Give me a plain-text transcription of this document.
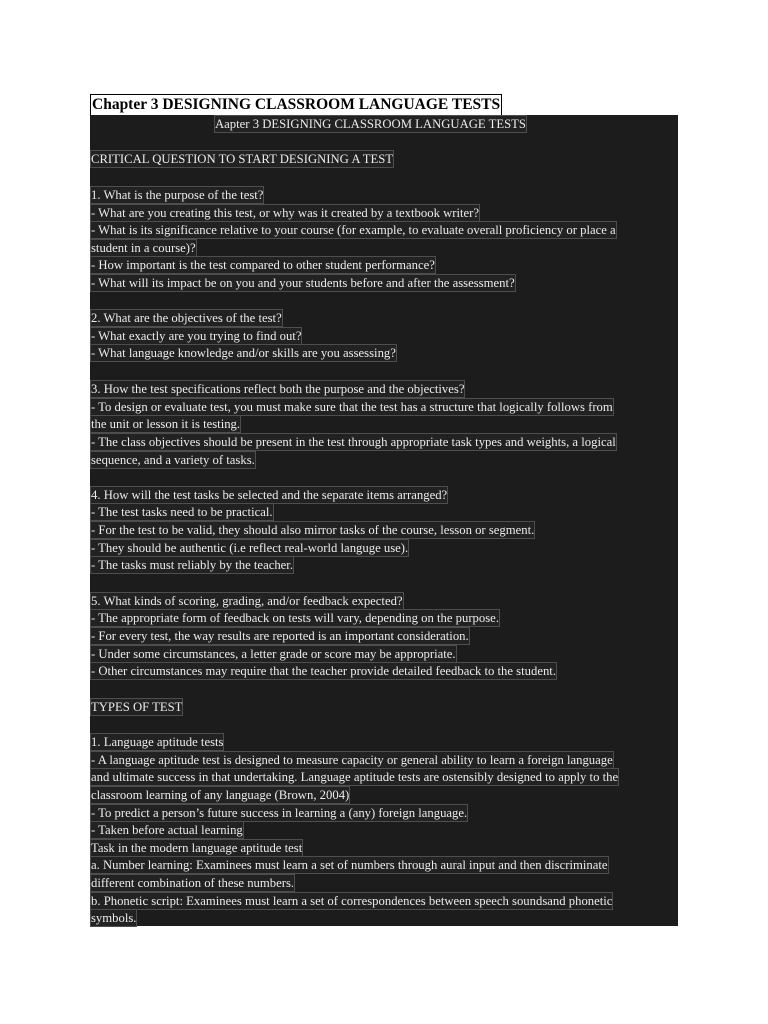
Chapter 3 DESIGNING CLASSROOM LANGUAGE TESTS
Aapter 3 DESIGNING CLASSROOM LANGUAGE TESTS
CRITICAL QUESTION TO START DESIGNING A TEST
1. What is the purpose of the test?
- What are you creating this test, or why was it created by a textbook writer?
- What is its significance relative to your course (for example, to evaluate overall proficiency or place a
student in a course)?
- How important is the test compared to other student performance?
- What will its impact be on you and your students before and after the assessment?
2. What are the objectives of the test?
- What exactly are you trying to find out?
- What language knowledge and/or skills are you assessing?
3. How the test specifications reflect both the purpose and the objectives?
- To design or evaluate test, you must make sure that the test has a structure that logically follows from
the unit or lesson it is testing.
- The class objectives should be present in the test through appropriate task types and weights, a logical
sequence, and a variety of tasks.
4. How will the test tasks be selected and the separate items arranged?
- The test tasks need to be practical.
- For the test to be valid, they should also mirror tasks of the course, lesson or segment.
- They should be authentic (i.e reflect real-world languge use).
- The tasks must reliably by the teacher.
5. What kinds of scoring, grading, and/or feedback expected?
- The appropriate form of feedback on tests will vary, depending on the purpose.
- For every test, the way results are reported is an important consideration.
- Under some circumstances, a letter grade or score may be appropriate.
- Other circumstances may require that the teacher provide detailed feedback to the student.
TYPES OF TEST
1. Language aptitude tests
- A language aptitude test is designed to measure capacity or general ability to learn a foreign language
and ultimate success in that undertaking. Language aptitude tests are ostensibly designed to apply to the
classroom learning of any language (Brown, 2004)
- To predict a person’s future success in learning a (any) foreign language.
- Taken before actual learning
Task in the modern language aptitude test
a. Number learning: Examinees must learn a set of numbers through aural input and then discriminate
different combination of these numbers.
b. Phonetic script: Examinees must learn a set of correspondences between speech soundsand phonetic
symbols.
